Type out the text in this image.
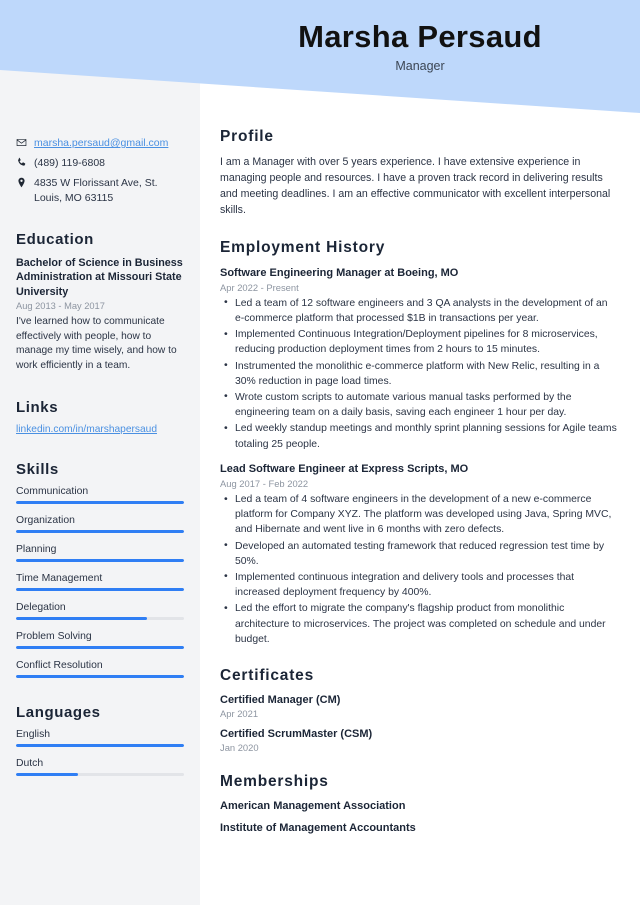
Marsha Persaud
Manager
marsha.persaud@gmail.com
(489) 119-6808
4835 W Florissant Ave, St. Louis, MO 63115
Education
Bachelor of Science in Business Administration at Missouri State University
Aug 2013 - May 2017
I've learned how to communicate effectively with people, how to manage my time wisely, and how to work efficiently in a team.
Links
linkedin.com/in/marshapersaud
Skills
Communication
Organization
Planning
Time Management
Delegation
Problem Solving
Conflict Resolution
Languages
English
Dutch
Profile
I am a Manager with over 5 years experience. I have extensive experience in managing people and resources. I have a proven track record in delivering results and meeting deadlines. I am an effective communicator with excellent interpersonal skills.
Employment History
Software Engineering Manager at Boeing, MO
Apr 2022 - Present
• Led a team of 12 software engineers and 3 QA analysts in the development of an e-commerce platform that processed $1B in transactions per year.
• Implemented Continuous Integration/Deployment pipelines for 8 microservices, reducing production deployment times from 2 hours to 15 minutes.
• Instrumented the monolithic e-commerce platform with New Relic, resulting in a 30% reduction in page load times.
• Wrote custom scripts to automate various manual tasks performed by the engineering team on a daily basis, saving each engineer 1 hour per day.
• Led weekly standup meetings and monthly sprint planning sessions for Agile teams totaling 25 people.
Lead Software Engineer at Express Scripts, MO
Aug 2017 - Feb 2022
• Led a team of 4 software engineers in the development of a new e-commerce platform for Company XYZ. The platform was developed using Java, Spring MVC, and Hibernate and went live in 6 months with zero defects.
• Developed an automated testing framework that reduced regression test time by 50%.
• Implemented continuous integration and delivery tools and processes that increased deployment frequency by 400%.
• Led the effort to migrate the company's flagship product from monolithic architecture to microservices. The project was completed on schedule and under budget.
Certificates
Certified Manager (CM)
Apr 2021
Certified ScrumMaster (CSM)
Jan 2020
Memberships
American Management Association
Institute of Management Accountants
